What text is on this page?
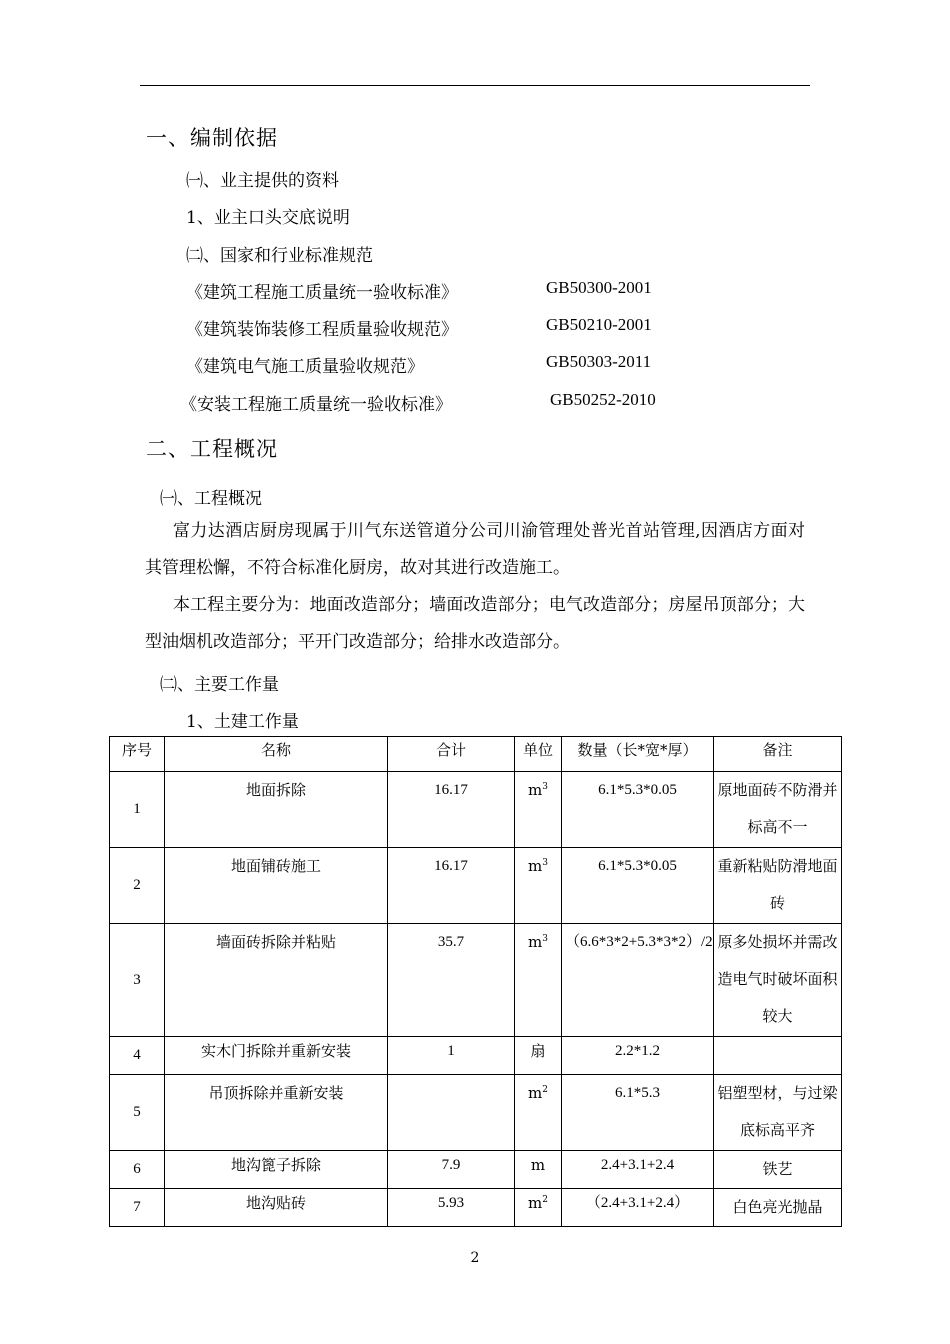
一、编制依据
㈠、业主提供的资料
1、业主口头交底说明
㈡、国家和行业标准规范
《建筑工程施工质量统一验收标准》	GB50300-2001
《建筑装饰装修工程质量验收规范》	GB50210-2001
《建筑电气施工质量验收规范》	GB50303-2011
《安装工程施工质量统一验收标准》	GB50252-2010
二、工程概况
㈠、工程概况
富力达酒店厨房现属于川气东送管道分公司川渝管理处普光首站管理,因酒店方面对其管理松懈，不符合标准化厨房，故对其进行改造施工。
本工程主要分为：地面改造部分；墙面改造部分；电气改造部分；房屋吊顶部分；大型油烟机改造部分；平开门改造部分；给排水改造部分。
㈡、主要工作量
1、土建工作量
序号	名称	合计	单位	数量（长*宽*厚）	备注
1	地面拆除	16.17	$m^3$	6.1*5.3*0.05	原地面砖不防滑并标高不一
2	地面铺砖施工	16.17	$m^3$	6.1*5.3*0.05	重新粘贴防滑地面砖
3	墙面砖拆除并粘贴	35.7	$m^3$	（6.6*3*2+5.3*3*2）/2	原多处损坏并需改造电气时破坏面积较大
4	实木门拆除并重新安装	1	扇	2.2*1.2	
5	吊顶拆除并重新安装		$m^2$	6.1*5.3	铝塑型材，与过梁底标高平齐
6	地沟篦子拆除	7.9	m	2.4+3.1+2.4	铁艺
7	地沟贴砖	5.93	$m^2$	（2.4+3.1+2.4）	白色亮光抛晶
2
